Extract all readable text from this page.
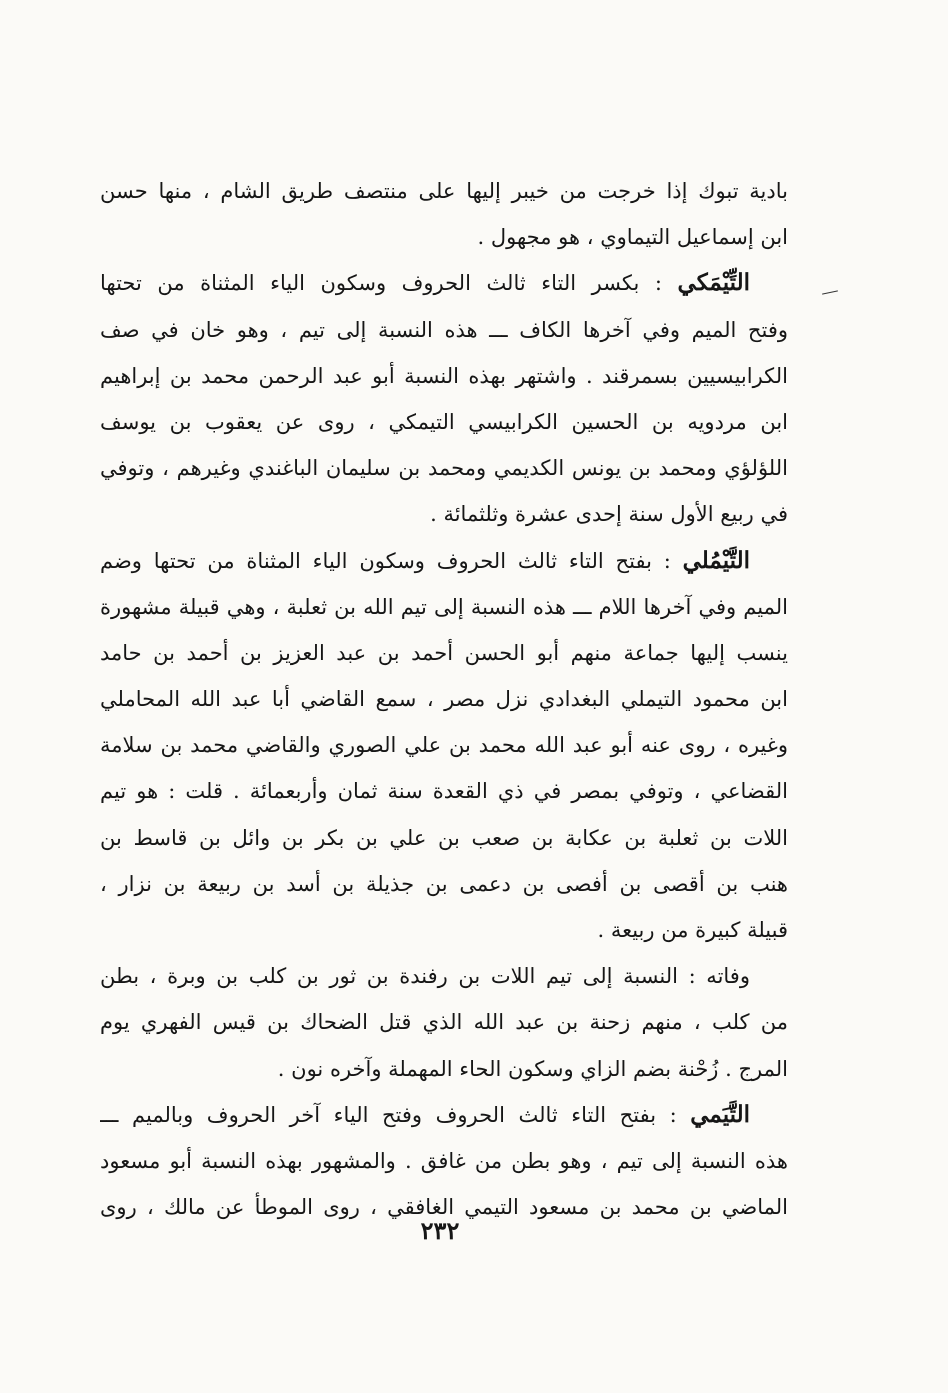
بادية تبوك إذا خرجت من خيبر إليها على منتصف طريق الشام ، منها حسن
ابن إسماعيل التيماوي ، هو مجهول .
التِّيْمَكي : بكسر التاء ثالث الحروف وسكون الياء المثناة من تحتها
وفتح الميم وفي آخرها الكاف ـــ هذه النسبة إلى تيم ، وهو خان في صف
الكرابيسيين بسمرقند . واشتهر بهذه النسبة أبو عبد الرحمن محمد بن إبراهيم
ابن مردويه بن الحسين الكرابيسي التيمكي ، روى عن يعقوب بن يوسف
اللؤلؤي ومحمد بن يونس الكديمي ومحمد بن سليمان الباغندي وغيرهم ، وتوفي
في ربيع الأول سنة إحدى عشرة وثلثمائة .
التَّيْمُلي : بفتح التاء ثالث الحروف وسكون الياء المثناة من تحتها وضم
الميم وفي آخرها اللام ـــ هذه النسبة إلى تيم الله بن ثعلبة ، وهي قبيلة مشهورة
ينسب إليها جماعة منهم أبو الحسن أحمد بن عبد العزيز بن أحمد بن حامد
ابن محمود التيملي البغدادي نزل مصر ، سمع القاضي أبا عبد الله المحاملي
وغيره ، روى عنه أبو عبد الله محمد بن علي الصوري والقاضي محمد بن سلامة
القضاعي ، وتوفي بمصر في ذي القعدة سنة ثمان وأربعمائة . قلت : هو تيم
اللات بن ثعلبة بن عكابة بن صعب بن علي بن بكر بن وائل بن قاسط بن
هنب بن أقصى بن أفصى بن دعمى بن جذيلة بن أسد بن ربيعة بن نزار ،
قبيلة كبيرة من ربيعة .
وفاته : النسبة إلى تيم اللات بن رفندة بن ثور بن كلب بن وبرة ، بطن
من كلب ، منهم زحنة بن عبد الله الذي قتل الضحاك بن قيس الفهري يوم
المرج . زُحْنة بضم الزاي وسكون الحاء المهملة وآخره نون .
التَّيَمي : بفتح التاء ثالث الحروف وفتح الياء آخر الحروف وبالميم ـــ
هذه النسبة إلى تيم ، وهو بطن من غافق . والمشهور بهذه النسبة أبو مسعود
الماضي بن محمد بن مسعود التيمي الغافقي ، روى الموطأ عن مالك ، روى
٢٣٢
